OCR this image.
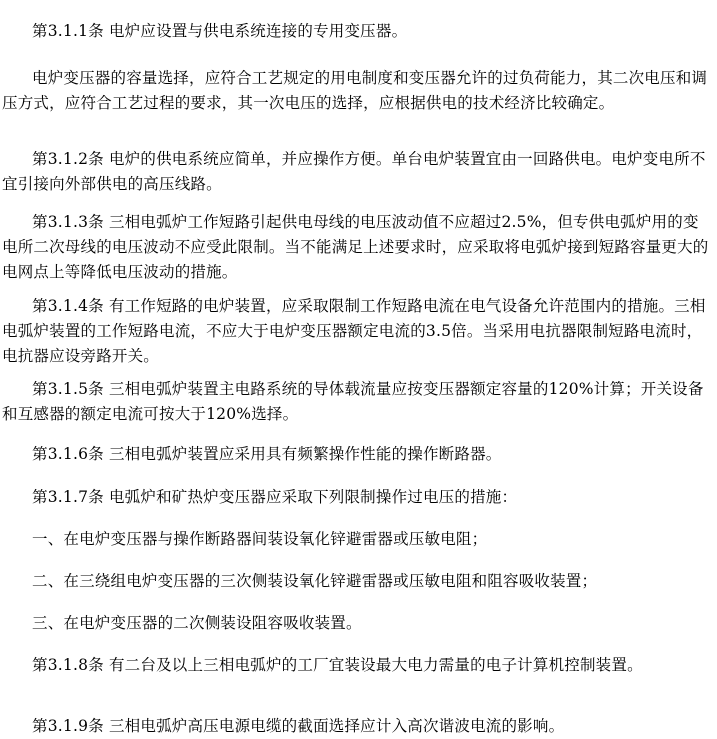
第3.1.1条 电炉应设置与供电系统连接的专用变压器。

电炉变压器的容量选择，应符合工艺规定的用电制度和变压器允许的过负荷能力，其二次电压和调压方式，应符合工艺过程的要求，其一次电压的选择，应根据供电的技术经济比较确定。

第3.1.2条 电炉的供电系统应简单，并应操作方便。单台电炉装置宜由一回路供电。电炉变电所不宜引接向外部供电的高压线路。

第3.1.3条 三相电弧炉工作短路引起供电母线的电压波动值不应超过2.5%，但专供电弧炉用的变电所二次母线的电压波动不应受此限制。当不能满足上述要求时，应采取将电弧炉接到短路容量更大的电网点上等降低电压波动的措施。

第3.1.4条 有工作短路的电炉装置，应采取限制工作短路电流在电气设备允许范围内的措施。三相电弧炉装置的工作短路电流，不应大于电炉变压器额定电流的3.5倍。当采用电抗器限制短路电流时，电抗器应设旁路开关。

第3.1.5条 三相电弧炉装置主电路系统的导体载流量应按变压器额定容量的120%计算；开关设备和互感器的额定电流可按大于120%选择。

第3.1.6条 三相电弧炉装置应采用具有频繁操作性能的操作断路器。

第3.1.7条 电弧炉和矿热炉变压器应采取下列限制操作过电压的措施：

一、在电炉变压器与操作断路器间装设氧化锌避雷器或压敏电阻；

二、在三绕组电炉变压器的三次侧装设氧化锌避雷器或压敏电阻和阻容吸收装置；

三、在电炉变压器的二次侧装设阻容吸收装置。

第3.1.8条 有二台及以上三相电弧炉的工厂宜装设最大电力需量的电子计算机控制装置。

第3.1.9条 三相电弧炉高压电源电缆的截面选择应计入高次谐波电流的影响。
